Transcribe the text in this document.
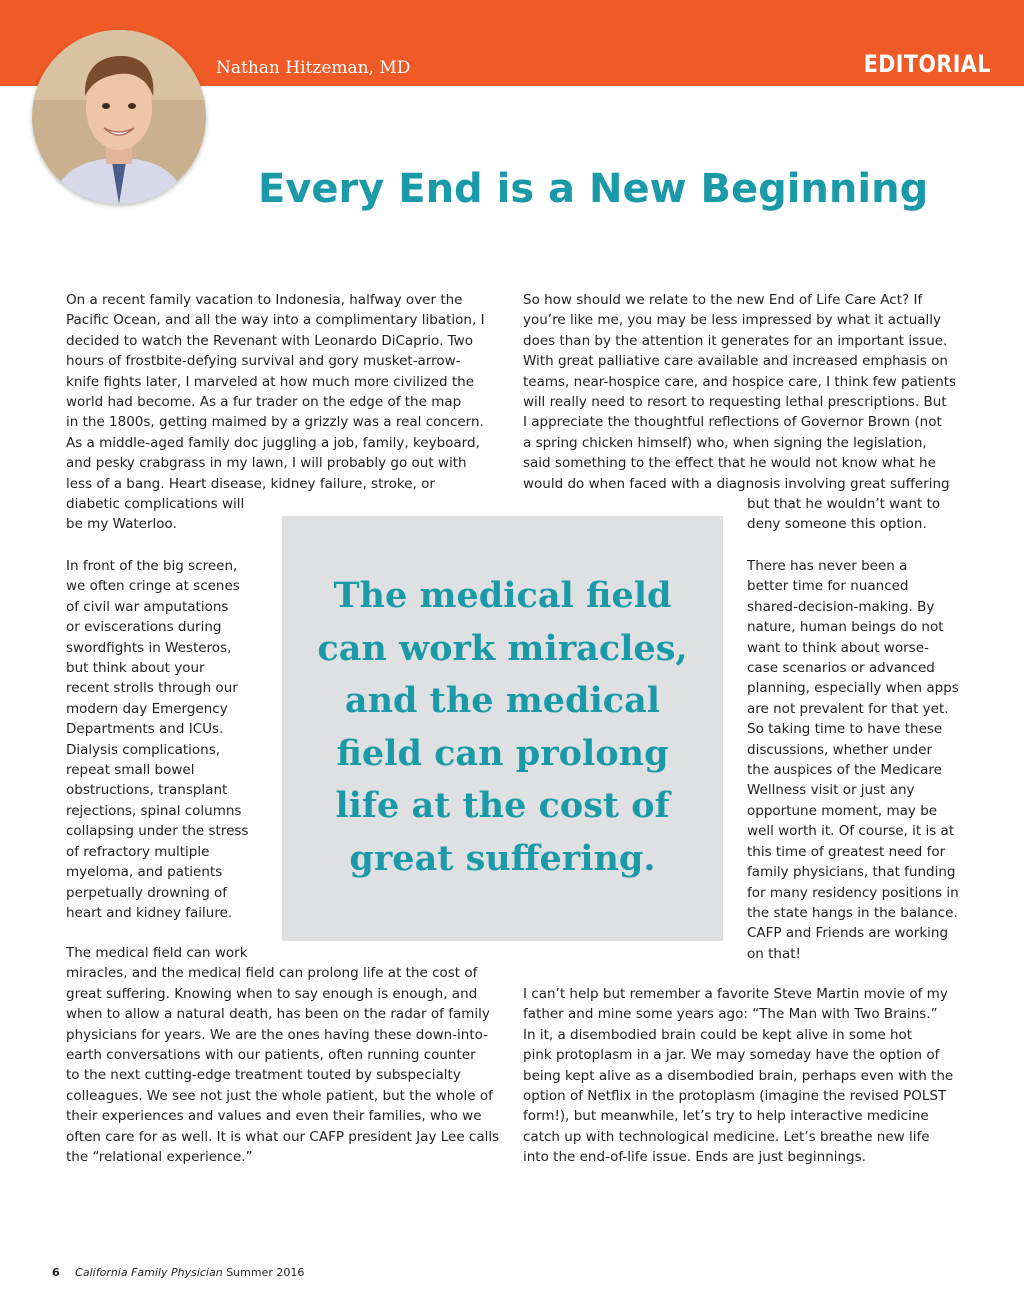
Nathan Hitzeman, MD	EDITORIAL
Every End is a New Beginning
On a recent family vacation to Indonesia, halfway over the
Pacific Ocean, and all the way into a complimentary libation, I
decided to watch the Revenant with Leonardo DiCaprio. Two
hours of frostbite-defying survival and gory musket-arrow-
knife fights later, I marveled at how much more civilized the
world had become. As a fur trader on the edge of the map
in the 1800s, getting maimed by a grizzly was a real concern.
As a middle-aged family doc juggling a job, family, keyboard,
and pesky crabgrass in my lawn, I will probably go out with
less of a bang. Heart disease, kidney failure, stroke, or
diabetic complications will
be my Waterloo.
In front of the big screen,
we often cringe at scenes
of civil war amputations
or eviscerations during
swordfights in Westeros,
but think about your
recent strolls through our
modern day Emergency
Departments and ICUs.
Dialysis complications,
repeat small bowel
obstructions, transplant
rejections, spinal columns
collapsing under the stress
of refractory multiple
myeloma, and patients
perpetually drowning of
heart and kidney failure.
The medical field can work
miracles, and the medical field can prolong life at the cost of
great suffering. Knowing when to say enough is enough, and
when to allow a natural death, has been on the radar of family
physicians for years. We are the ones having these down-into-
earth conversations with our patients, often running counter
to the next cutting-edge treatment touted by subspecialty
colleagues. We see not just the whole patient, but the whole of
their experiences and values and even their families, who we
often care for as well. It is what our CAFP president Jay Lee calls
the “relational experience.”
So how should we relate to the new End of Life Care Act? If
you’re like me, you may be less impressed by what it actually
does than by the attention it generates for an important issue.
With great palliative care available and increased emphasis on
teams, near-hospice care, and hospice care, I think few patients
will really need to resort to requesting lethal prescriptions. But
I appreciate the thoughtful reflections of Governor Brown (not
a spring chicken himself) who, when signing the legislation,
said something to the effect that he would not know what he
would do when faced with a diagnosis involving great suffering
but that he wouldn’t want to
deny someone this option.
There has never been a
better time for nuanced
shared-decision-making. By
nature, human beings do not
want to think about worse-
case scenarios or advanced
planning, especially when apps
are not prevalent for that yet.
So taking time to have these
discussions, whether under
the auspices of the Medicare
Wellness visit or just any
opportune moment, may be
well worth it. Of course, it is at
this time of greatest need for
family physicians, that funding
for many residency positions in
the state hangs in the balance.
CAFP and Friends are working
on that!
I can’t help but remember a favorite Steve Martin movie of my
father and mine some years ago: “The Man with Two Brains.”
In it, a disembodied brain could be kept alive in some hot
pink protoplasm in a jar. We may someday have the option of
being kept alive as a disembodied brain, perhaps even with the
option of Netflix in the protoplasm (imagine the revised POLST
form!), but meanwhile, let’s try to help interactive medicine
catch up with technological medicine. Let’s breathe new life
into the end-of-life issue. Ends are just beginnings.
The medical field
can work miracles,
and the medical
field can prolong
life at the cost of
great suffering.
6 California Family Physician Summer 2016
